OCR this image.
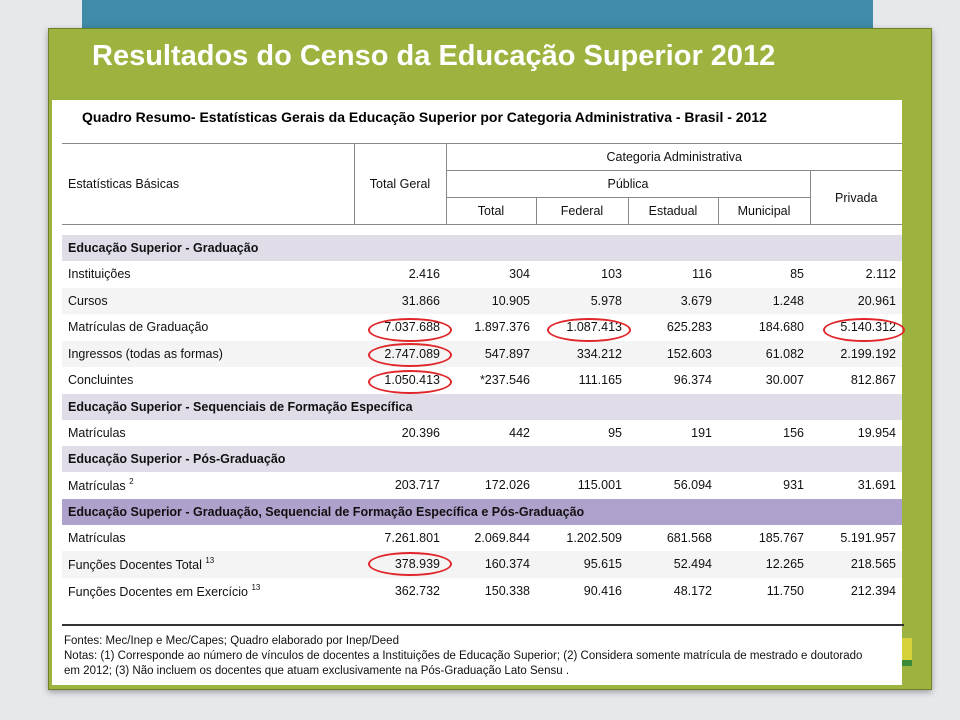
Resultados do Censo da Educação Superior 2012
Quadro Resumo- Estatísticas Gerais da Educação Superior por Categoria Administrativa - Brasil - 2012
Estatísticas Básicas	Total Geral	Categoria Administrativa				
		Pública				Privada
		Total	Federal	Estadual	Municipal	

Educação Superior - Graduação						
Instituições	2.416	304	103	116	85	2.112
Cursos	31.866	10.905	5.978	3.679	1.248	20.961
Matrículas de Graduação	7.037.688	1.897.376	1.087.413	625.283	184.680	5.140.312
Ingressos (todas as formas)	2.747.089	547.897	334.212	152.603	61.082	2.199.192
Concluintes	1.050.413	*237.546	111.165	96.374	30.007	812.867
Educação Superior - Sequenciais de Formação Específica						
Matrículas	20.396	442	95	191	156	19.954
Educação Superior - Pós-Graduação						
Matrículas $^2$	203.717	172.026	115.001	56.094	931	31.691
Educação Superior - Graduação, Sequencial de Formação Específica e Pós-Graduação						
Matrículas	7.261.801	2.069.844	1.202.509	681.568	185.767	5.191.957
Funções Docentes Total $^{13}$	378.939	160.374	95.615	52.494	12.265	218.565
Funções Docentes em Exercício $^{13}$	362.732	150.338	90.416	48.172	11.750	212.394
Fontes: Mec/Inep e Mec/Capes; Quadro elaborado por Inep/Deed
Notas: (1) Corresponde ao número de vínculos de docentes a Instituições de Educação Superior; (2) Considera somente matrícula de mestrado e doutorado
em 2012; (3) Não incluem os docentes que atuam exclusivamente na Pós-Graduação Lato Sensu .
